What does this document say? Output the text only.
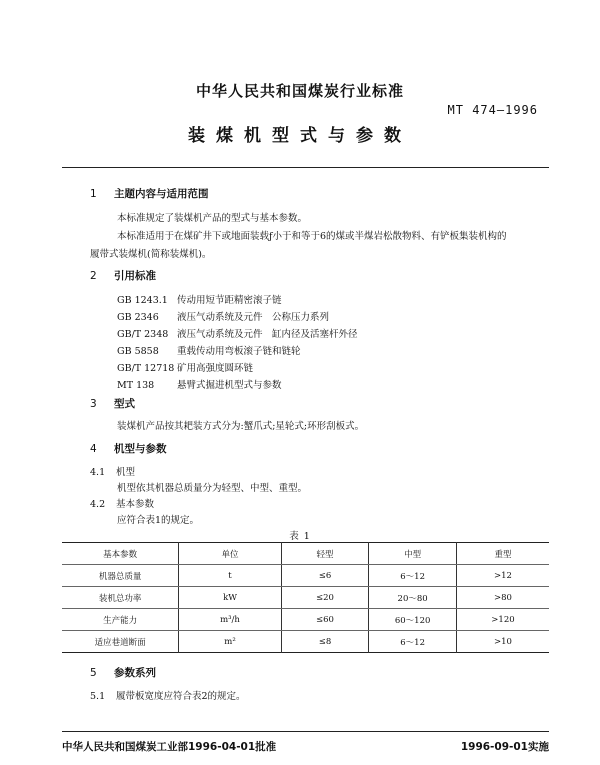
中华人民共和国煤炭行业标准
MT 474—1996
装煤机型式与参数
1 主题内容与适用范围
本标准规定了装煤机产品的型式与基本参数。
本标准适用于在煤矿井下或地面装载ƒ小于和等于6的煤或半煤岩松散物料、有铲板集装机构的
履带式装煤机(简称装煤机)。
2 引用标准
GB 1243.1 传动用短节距精密滚子链
GB 2346 液压气动系统及元件　公称压力系列
GB/T 2348 液压气动系统及元件　缸内径及活塞杆外径
GB 5858 重载传动用弯板滚子链和链轮
GB/T 12718 矿用高强度圆环链
MT 138 悬臂式掘进机型式与参数
3 型式
装煤机产品按其耙装方式分为:蟹爪式;星轮式;环形刮板式。
4 机型与参数
4.1 机型
机型依其机器总质量分为轻型、中型、重型。
4.2 基本参数
应符合表1的规定。
表 1
基本参数	单位	轻型	中型	重型
机器总质量	t	≤6	6～12	>12
装机总功率	kW	≤20	20～80	>80
生产能力	m³/h	≤60	60～120	>120
适应巷道断面	m²	≤8	6～12	>10
5 参数系列
5.1 履带板宽度应符合表2的规定。
中华人民共和国煤炭工业部1996-04-01批准	1996-09-01实施
